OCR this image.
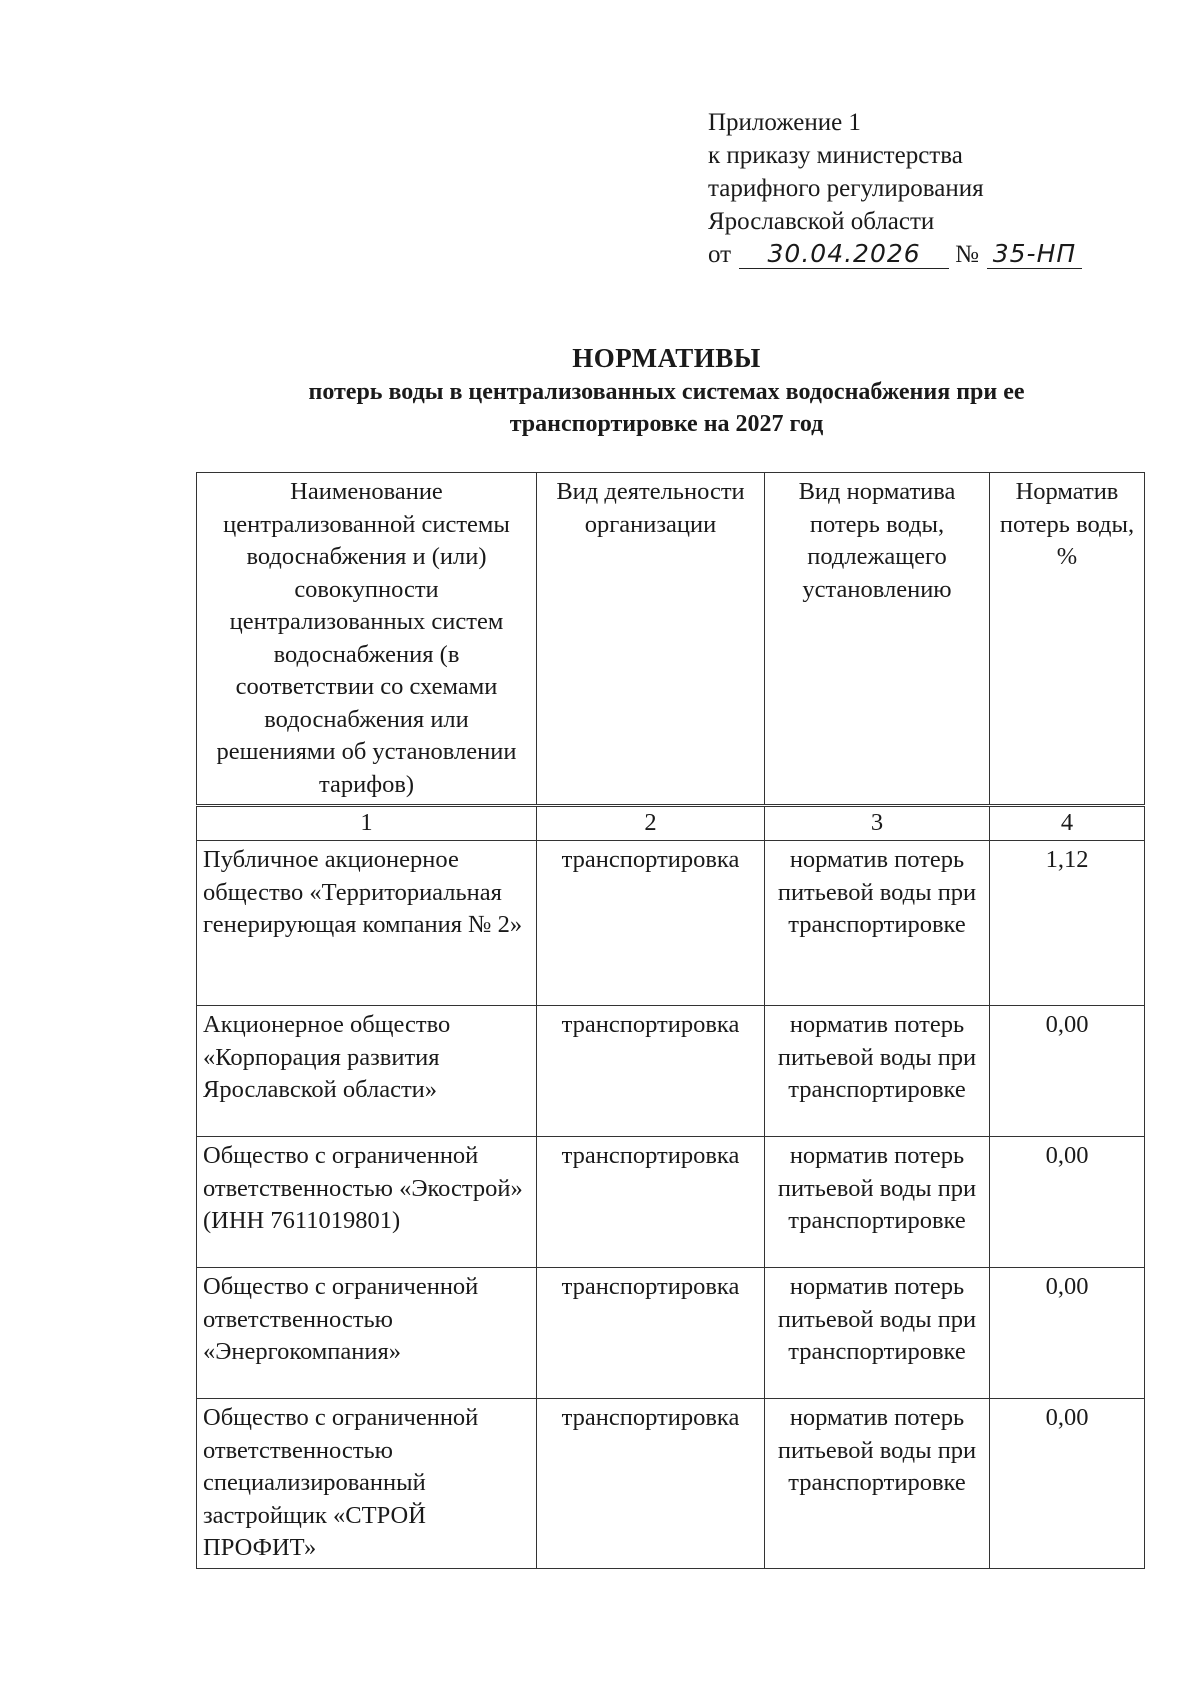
Приложение 1
к приказу министерства
тарифного регулирования
Ярославской области
от	30.04.2026	№ 35-НП
НОРМАТИВЫ
потерь воды в централизованных системах водоснабжения при ее
транспортировке на 2027 год
Наименование централизованной системы водоснабжения и (или) совокупности централизованных систем водоснабжения (в соответствии со схемами водоснабжения или решениями об установлении тарифов)	Вид деятельности организации	Вид норматива потерь воды, подлежащего установлению	Норматив потерь воды, %
1	2	3	4
Публичное акционерное общество «Территориальная генерирующая компания № 2»	транспортировка	норматив потерь питьевой воды при транспортировке	1,12
Акционерное общество «Корпорация развития Ярославской области»	транспортировка	норматив потерь питьевой воды при транспортировке	0,00
Общество с ограниченной ответственностью «Экострой» (ИНН 7611019801)	транспортировка	норматив потерь питьевой воды при транспортировке	0,00
Общество с ограниченной ответственностью «Энергокомпания»	транспортировка	норматив потерь питьевой воды при транспортировке	0,00
Общество с ограниченной ответственностью специализированный застройщик «СТРОЙ ПРОФИТ»	транспортировка	норматив потерь питьевой воды при транспортировке	0,00
